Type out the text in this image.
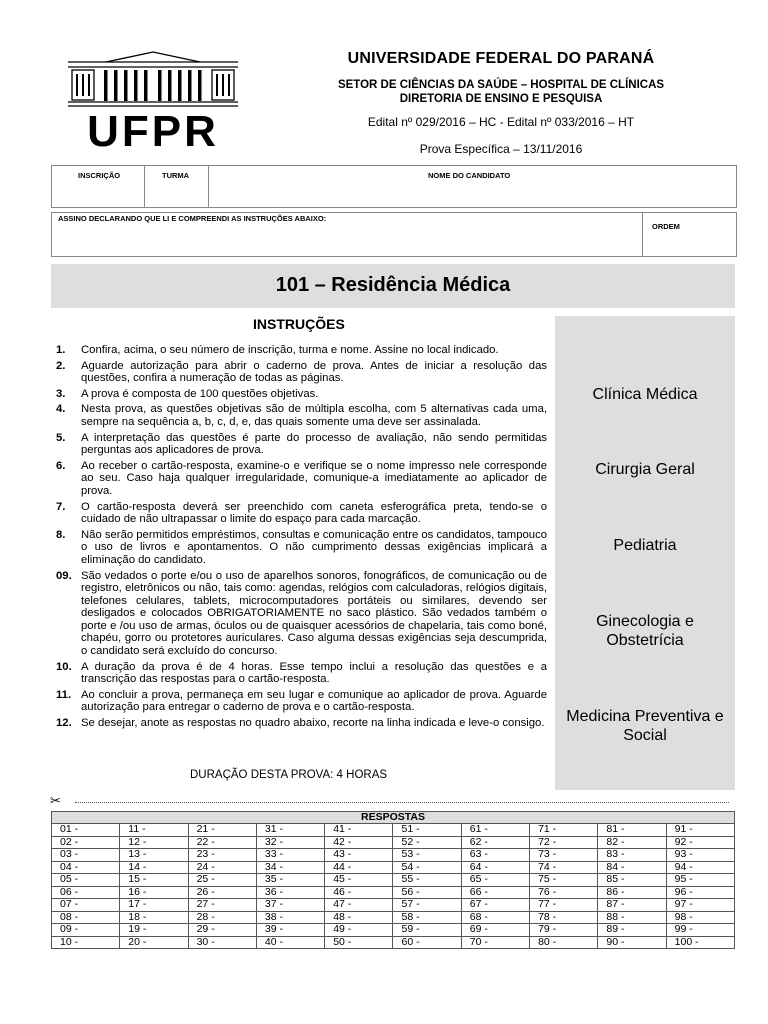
UFPR
UNIVERSIDADE FEDERAL DO PARANÁ
SETOR DE CIÊNCIAS DA SAÚDE – HOSPITAL DE CLÍNICAS
DIRETORIA DE ENSINO E PESQUISA
Edital nº 029/2016 – HC - Edital nº 033/2016 – HT
Prova Específica – 13/11/2016
INSCRIÇÃO	TURMA	NOME DO CANDIDATO
ASSINO DECLARANDO QUE LI E COMPREENDI AS INSTRUÇÕES ABAIXO:
ORDEM
101 – Residência Médica
INSTRUÇÕES
1. Confira, acima, o seu número de inscrição, turma e nome. Assine no local indicado.
2. Aguarde autorização para abrir o caderno de prova. Antes de iniciar a resolução das questões, confira a numeração de todas as páginas.
3. A prova é composta de 100 questões objetivas.
4. Nesta prova, as questões objetivas são de múltipla escolha, com 5 alternativas cada uma, sempre na sequência a, b, c, d, e, das quais somente uma deve ser assinalada.
5. A interpretação das questões é parte do processo de avaliação, não sendo permitidas perguntas aos aplicadores de prova.
6. Ao receber o cartão-resposta, examine-o e verifique se o nome impresso nele corresponde ao seu. Caso haja qualquer irregularidade, comunique-a imediatamente ao aplicador de prova.
7. O cartão-resposta deverá ser preenchido com caneta esferográfica preta, tendo-se o cuidado de não ultrapassar o limite do espaço para cada marcação.
8. Não serão permitidos empréstimos, consultas e comunicação entre os candidatos, tampouco o uso de livros e apontamentos. O não cumprimento dessas exigências implicará a eliminação do candidato.
09. São vedados o porte e/ou o uso de aparelhos sonoros, fonográficos, de comunicação ou de registro, eletrônicos ou não, tais como: agendas, relógios com calculadoras, relógios digitais, telefones celulares, tablets, microcomputadores portáteis ou similares, devendo ser desligados e colocados OBRIGATORIAMENTE no saco plástico. São vedados também o porte e /ou uso de armas, óculos ou de quaisquer acessórios de chapelaria, tais como boné, chapéu, gorro ou protetores auriculares. Caso alguma dessas exigências seja descumprida, o candidato será excluído do concurso.
10. A duração da prova é de 4 horas. Esse tempo inclui a resolução das questões e a transcrição das respostas para o cartão-resposta.
11. Ao concluir a prova, permaneça em seu lugar e comunique ao aplicador de prova. Aguarde autorização para entregar o caderno de prova e o cartão-resposta.
12. Se desejar, anote as respostas no quadro abaixo, recorte na linha indicada e leve-o consigo.
DURAÇÃO DESTA PROVA: 4 HORAS
Clínica Médica
Cirurgia Geral
Pediatria
Ginecologia e Obstetrícia
Medicina Preventiva e Social
✂
RESPOSTAS									
01 -	11 -	21 -	31 -	41 -	51 -	61 -	71 -	81 -	91 -
02 -	12 -	22 -	32 -	42 -	52 -	62 -	72 -	82 -	92 -
03 -	13 -	23 -	33 -	43 -	53 -	63 -	73 -	83 -	93 -
04 -	14 -	24 -	34 -	44 -	54 -	64 -	74 -	84 -	94 -
05 -	15 -	25 -	35 -	45 -	55 -	65 -	75 -	85 -	95 -
06 -	16 -	26 -	36 -	46 -	56 -	66 -	76 -	86 -	96 -
07 -	17 -	27 -	37 -	47 -	57 -	67 -	77 -	87 -	97 -
08 -	18 -	28 -	38 -	48 -	58 -	68 -	78 -	88 -	98 -
09 -	19 -	29 -	39 -	49 -	59 -	69 -	79 -	89 -	99 -
10 -	20 -	30 -	40 -	50 -	60 -	70 -	80 -	90 -	100 -
